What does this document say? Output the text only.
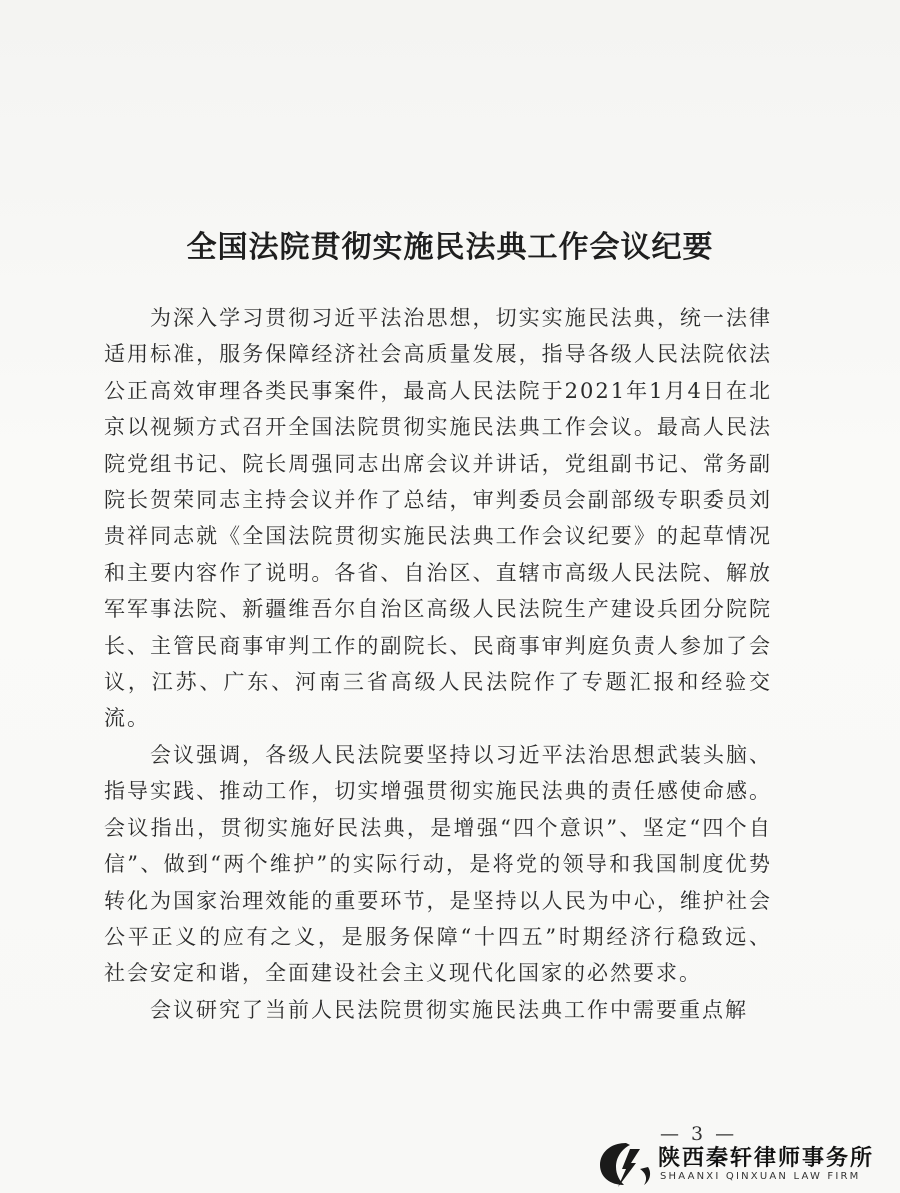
全国法院贯彻实施民法典工作会议纪要

为深入学习贯彻习近平法治思想，切实实施民法典，统一法律适用标准，服务保障经济社会高质量发展，指导各级人民法院依法公正高效审理各类民事案件，最高人民法院于2021年1月4日在北京以视频方式召开全国法院贯彻实施民法典工作会议。最高人民法院党组书记、院长周强同志出席会议并讲话，党组副书记、常务副院长贺荣同志主持会议并作了总结，审判委员会副部级专职委员刘贵祥同志就《全国法院贯彻实施民法典工作会议纪要》的起草情况和主要内容作了说明。各省、自治区、直辖市高级人民法院、解放军军事法院、新疆维吾尔自治区高级人民法院生产建设兵团分院院长、主管民商事审判工作的副院长、民商事审判庭负责人参加了会议，江苏、广东、河南三省高级人民法院作了专题汇报和经验交流。

会议强调，各级人民法院要坚持以习近平法治思想武装头脑、指导实践、推动工作，切实增强贯彻实施民法典的责任感使命感。会议指出，贯彻实施好民法典，是增强“四个意识”、坚定“四个自信”、做到“两个维护”的实际行动，是将党的领导和我国制度优势转化为国家治理效能的重要环节，是坚持以人民为中心，维护社会公平正义的应有之义，是服务保障“十四五”时期经济行稳致远、社会安定和谐，全面建设社会主义现代化国家的必然要求。

会议研究了当前人民法院贯彻实施民法典工作中需要重点解

— 3 —
陕西秦轩律师事务所
SHAANXI QINXUAN LAW FIRM
